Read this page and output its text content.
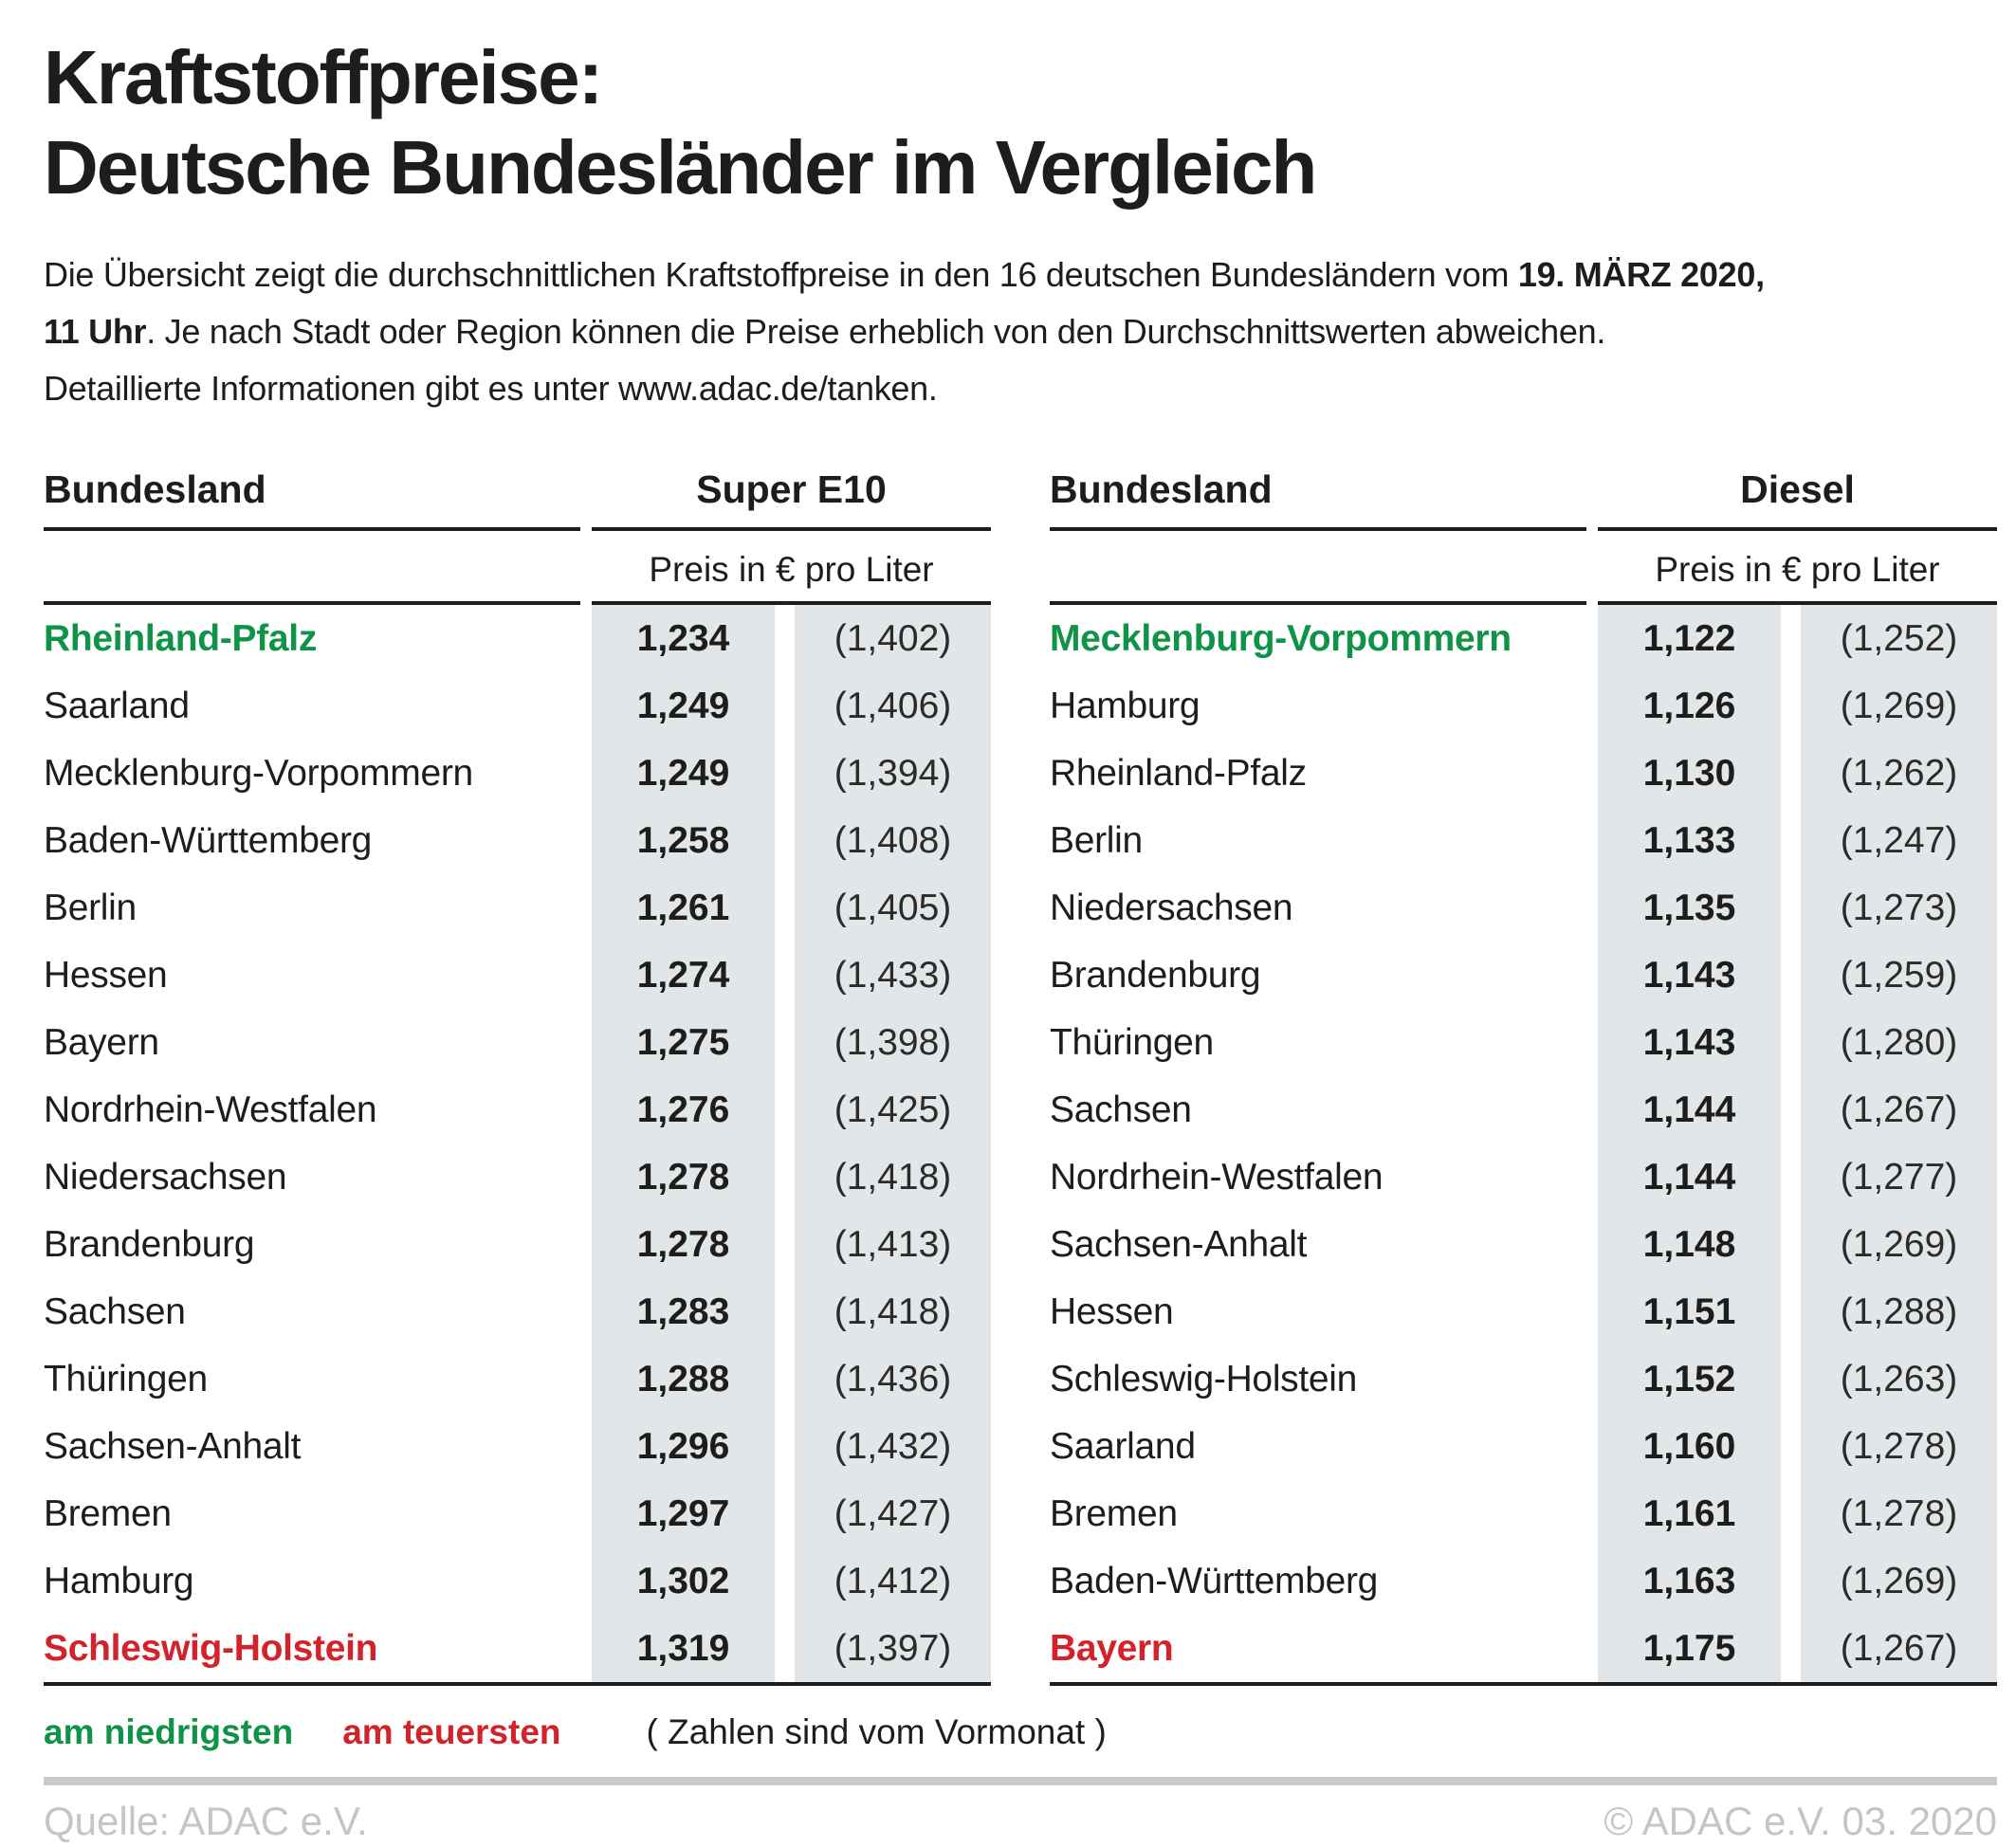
Kraftstoffpreise:
Deutsche Bundesländer im Vergleich

Die Übersicht zeigt die durchschnittlichen Kraftstoffpreise in den 16 deutschen Bundesländern vom 19. MÄRZ 2020,
11 Uhr. Je nach Stadt oder Region können die Preise erheblich von den Durchschnittswerten abweichen.
Detaillierte Informationen gibt es unter www.adac.de/tanken.

Bundesland	Super E10
Preis in € pro Liter
Rheinland-Pfalz	1,234	(1,402)
Saarland	1,249	(1,406)
Mecklenburg-Vorpommern	1,249	(1,394)
Baden-Württemberg	1,258	(1,408)
Berlin	1,261	(1,405)
Hessen	1,274	(1,433)
Bayern	1,275	(1,398)
Nordrhein-Westfalen	1,276	(1,425)
Niedersachsen	1,278	(1,418)
Brandenburg	1,278	(1,413)
Sachsen	1,283	(1,418)
Thüringen	1,288	(1,436)
Sachsen-Anhalt	1,296	(1,432)
Bremen	1,297	(1,427)
Hamburg	1,302	(1,412)
Schleswig-Holstein	1,319	(1,397)
Bundesland	Diesel
Preis in € pro Liter
Mecklenburg-Vorpommern	1,122	(1,252)
Hamburg	1,126	(1,269)
Rheinland-Pfalz	1,130	(1,262)
Berlin	1,133	(1,247)
Niedersachsen	1,135	(1,273)
Brandenburg	1,143	(1,259)
Thüringen	1,143	(1,280)
Sachsen	1,144	(1,267)
Nordrhein-Westfalen	1,144	(1,277)
Sachsen-Anhalt	1,148	(1,269)
Hessen	1,151	(1,288)
Schleswig-Holstein	1,152	(1,263)
Saarland	1,160	(1,278)
Bremen	1,161	(1,278)
Baden-Württemberg	1,163	(1,269)
Bayern	1,175	(1,267)
am niedrigsten am teuersten ( Zahlen sind vom Vormonat )
Quelle: ADAC e.V.	© ADAC e.V. 03. 2020
